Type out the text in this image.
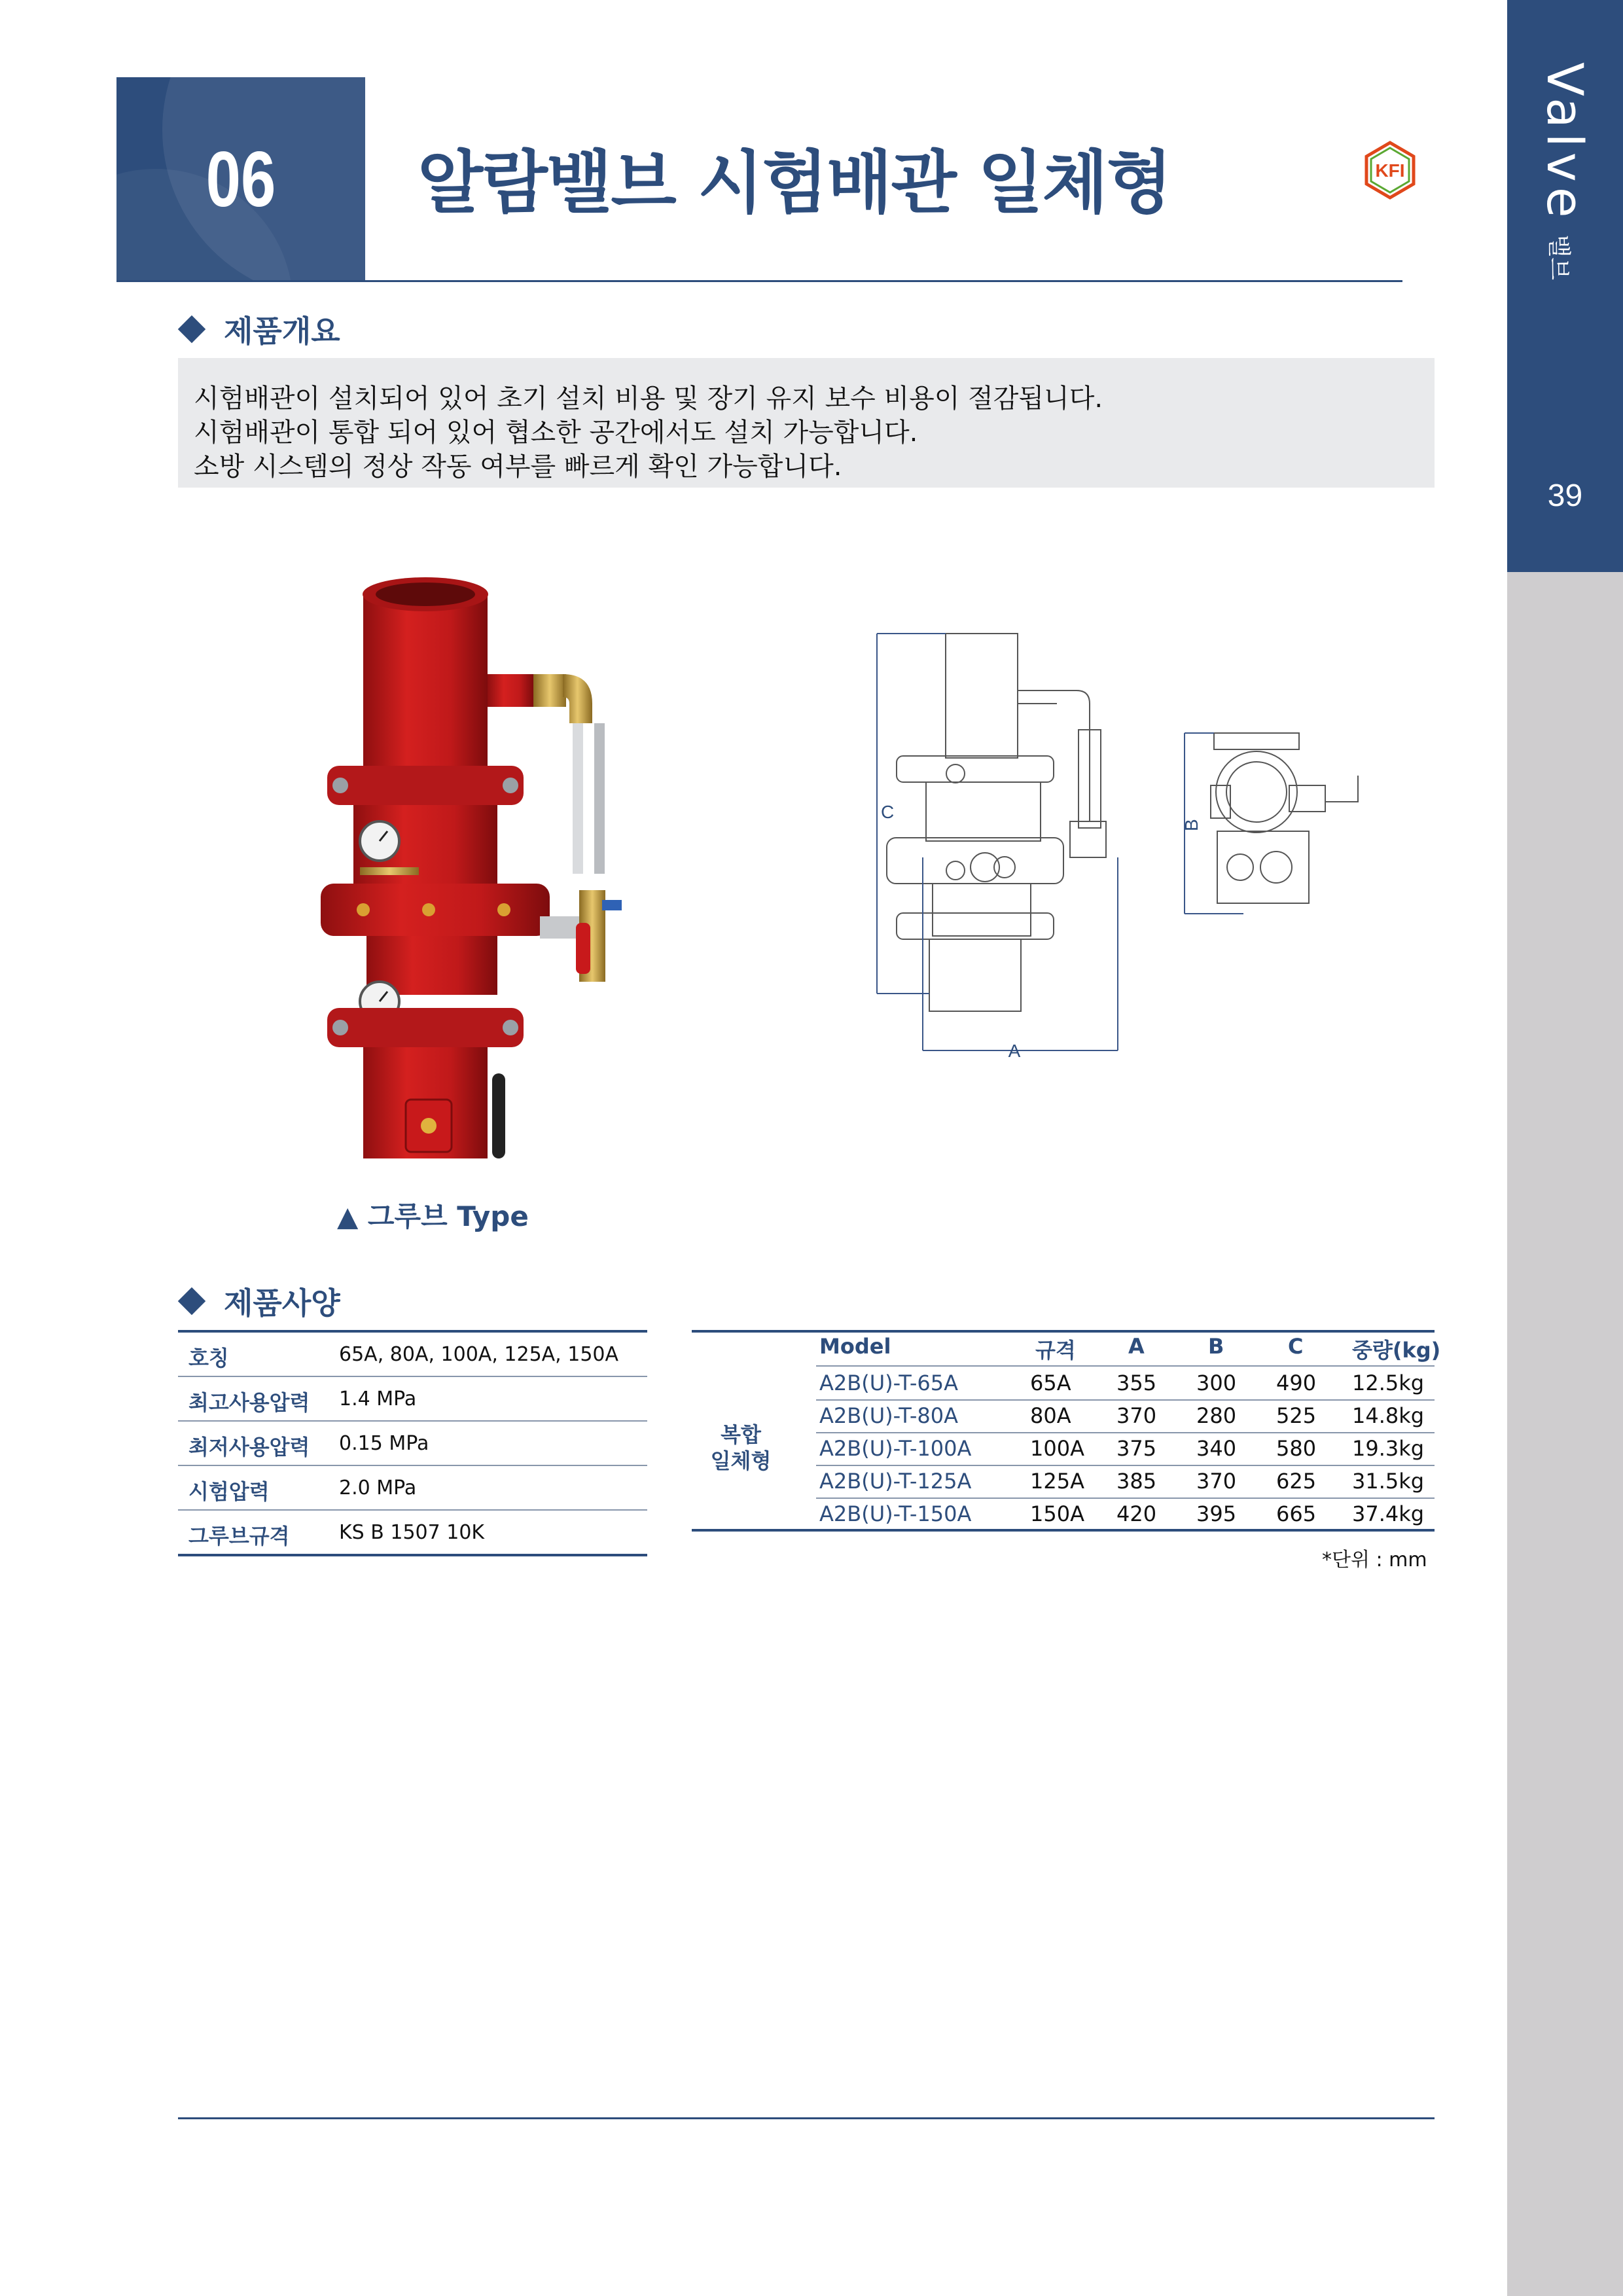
Valve밸브
39
06	알람밸브 시험배관 일체형	KFI
제품개요
시험배관이 설치되어 있어 초기 설치 비용 및 장기 유지 보수 비용이 절감됩니다.
시험배관이 통합 되어 있어 협소한 공간에서도 설치 가능합니다.
소방 시스템의 정상 작동 여부를 빠르게 확인 가능합니다.
▲ 그루브 Type
C
A
B
제품사양
호칭	65A, 80A, 100A, 125A, 150A
최고사용압력 1.4 MPa
최저사용압력 0.15 MPa
시험압력	2.0 MPa
그루브규격	KS B 1507 10K
Model	규격	A	B	C 중량(kg)
복합
일체형
A2B(U)-T-65A	65A 355 300 490 12.5kg
A2B(U)-T-80A	80A 370 280 525 14.8kg
A2B(U)-T-100A	100A 375 340 580 19.3kg
A2B(U)-T-125A	125A 385 370 625 31.5kg
A2B(U)-T-150A	150A 420 395 665 37.4kg
*단위 : mm
